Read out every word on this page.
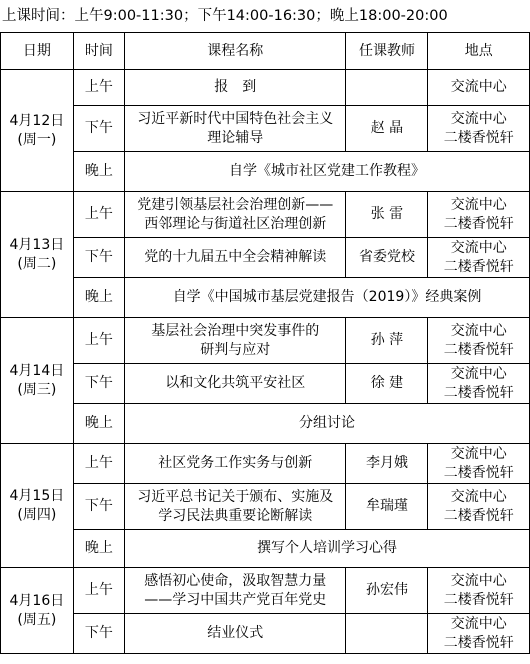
上课时间：上午9:00-11:30；下午14:00-16:30；晚上18:00-20:00
日期	时间	课程名称	任课教师	地点

4月12日
(周一)	上午	报　到		交流中心

	下午	习近平新时代中国特色社会主义
理论辅导	赵 晶	交流中心
二楼香悦轩

	晚上	自学《城市社区党建工作教程》		

4月13日
(周二)	上午	党建引领基层社会治理创新——
西邻理论与街道社区治理创新	张 雷	交流中心
二楼香悦轩

	下午	党的十九届五中全会精神解读	省委党校	交流中心
二楼香悦轩

	晚上	自学《中国城市基层党建报告（2019）》经典案例		

4月14日
(周三)	上午	基层社会治理中突发事件的
研判与应对	孙 萍	交流中心
二楼香悦轩

	下午	以和文化共筑平安社区	徐 建	交流中心
二楼香悦轩

	晚上	分组讨论		

4月15日
(周四)	上午	社区党务工作实务与创新	李月娥	交流中心
二楼香悦轩

	下午	习近平总书记关于颁布、实施及
学习民法典重要论断解读	牟瑞瑾	交流中心
二楼香悦轩

	晚上	撰写个人培训学习心得		

4月16日
(周五)	上午	感悟初心使命，汲取智慧力量
——学习中国共产党百年党史	孙宏伟	交流中心
二楼香悦轩

	下午	结业仪式		交流中心
二楼香悦轩
